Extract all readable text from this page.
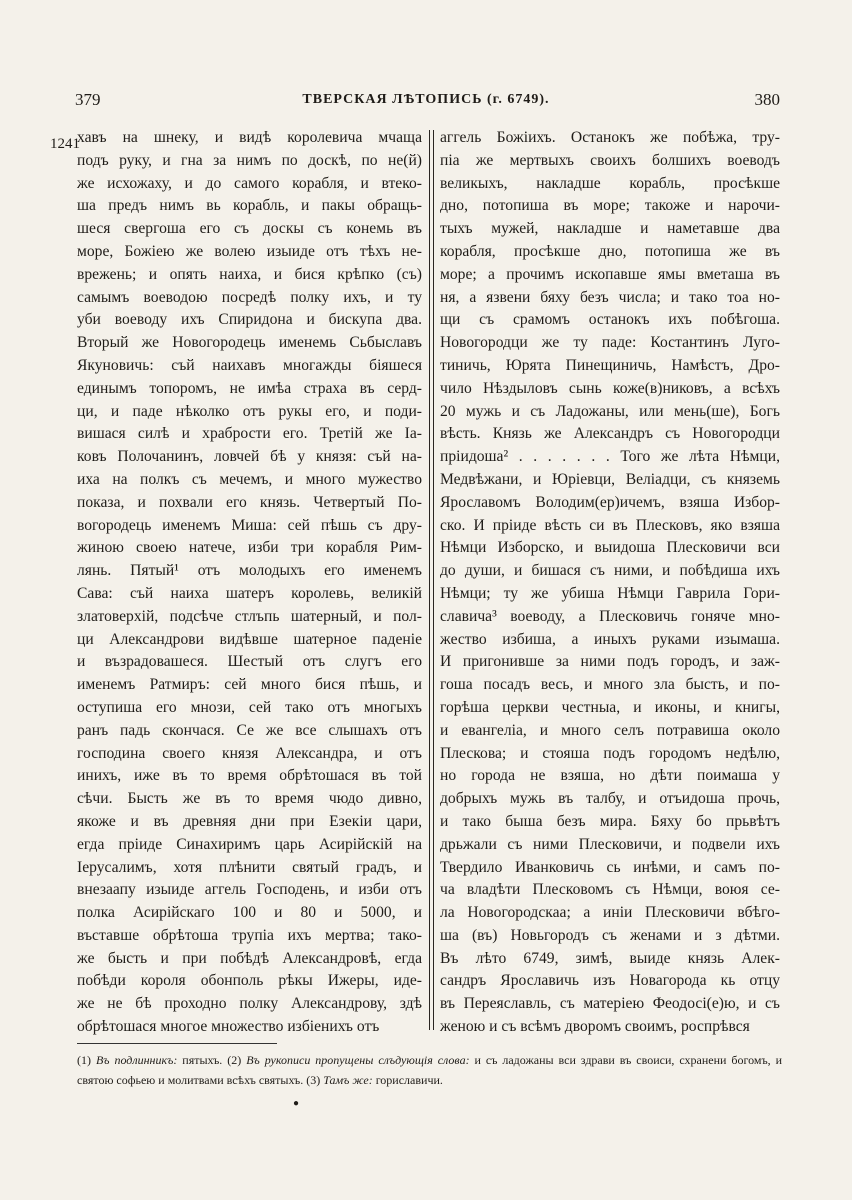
379	ТВЕРСКАЯ ЛѢТОПИСЬ (г. 6749).	380
1241
хавъ на шнеку, и видѣ королевича мчаща
подъ руку, и гна за нимъ по доскѣ, по не(й)
же исхожаху, и до самого корабля, и втеко-
ша предъ нимъ вь корабль, и пакы обращь-
шеся свергоша его съ доскы съ конемь въ
море, Божіею же волею изыиде отъ тѣхъ не-
врежень; и опять наиха, и бися крѣпко (съ)
самымъ воеводою посредѣ полку ихъ, и ту
уби воеводу ихъ Спиридона и бискупа два.
Вторый же Новогородець именемь Сьбыславъ
Якуновичь: съй наихавъ многажды біяшеся
единымъ топоромъ, не имѣа страха въ серд-
ци, и паде нѣколко отъ рукы его, и поди-
вишася силѣ и храбрости его. Третій же Іа-
ковъ Полочанинъ, ловчей бѣ у князя: съй на-
иха на полкъ съ мечемъ, и много мужество
показа, и похвали его князь. Четвертый По-
вогородець именемъ Миша: сей пѣшь съ дру-
жиною своею натече, изби три корабля Рим-
лянь. Пятый¹ отъ молодыхъ его именемъ
Сава: съй наиха шатеръ королевь, великій
златоверхій, подсѣче стлъпь шатерный, и пол-
ци Александрови видѣвше шатерное паденіе
и възрадовашеся. Шестый отъ слугъ его
именемъ Ратмиръ: сей много бися пѣшь, и
оступиша его мнози, сей тако отъ многыхъ
ранъ падь скончася. Се же все слышахъ отъ
господина своего князя Александра, и отъ
инихъ, иже въ то время обрѣтошася въ той
сѣчи. Бысть же въ то время чюдо дивно,
якоже и въ древняя дни при Езекіи цари,
егда пріиде Синахиримъ царь Асирійскій на
Іерусалимъ, хотя плѣнити святый градъ, и
внезаапу изыиде аггель Господень, и изби отъ
полка Асирійскаго 100 и 80 и 5000, и
въставше обрѣтоша трупіа ихъ мертва; тако-
же бысть и при побѣдѣ Александровѣ, егда
побѣди короля обонполь рѣкы Ижеры, иде-
же не бѣ проходно полку Александрову, здѣ
обрѣтошася многое множество избіенихъ отъ
аггель Божіихъ. Останокъ же побѣжа, тру-
піа же мертвыхъ своихъ болшихъ воеводъ
великыхъ, накладше корабль, просѣкше
дно, потопиша въ море; такоже и нарочи-
тыхъ мужей, накладше и наметавше два
корабля, просѣкше дно, потопиша же въ
море; а прочимъ ископавше ямы вметаша въ
ня, а язвени бяху безъ числа; и тако тоа но-
щи съ срамомъ останокъ ихъ побѣгоша.
Новогородци же ту паде: Костантинъ Луго-
тиничь, Юрята Пинещиничь, Намѣстъ, Дро-
чило Нѣздыловъ сынь коже(в)никовъ, а всѣхъ
20 мужь и съ Ладожаны, или мень(ше), Богь
вѣсть. Князь же Александръ съ Новогородци
пріидоша² . . . . . . . Того же лѣта Нѣмци,
Медвѣжани, и Юріевци, Веліадци, съ княземь
Ярославомъ Володим(ер)ичемъ, взяша Избор-
ско. И пріиде вѣсть си въ Плесковъ, яко взяша
Нѣмци Изборско, и выидоша Плесковичи вси
до души, и бишася съ ними, и побѣдиша ихъ
Нѣмци; ту же убиша Нѣмци Гаврила Гори-
славича³ воеводу, а Плесковичь гоняче мно-
жество избиша, а иныхъ руками изымаша.
И пригонивше за ними подъ городъ, и заж-
гоша посадъ весь, и много зла бысть, и по-
горѣша церкви честныа, и иконы, и книгы,
и евангеліа, и много селъ потравиша около
Плескова; и стояша подъ городомъ недѣлю,
но города не взяша, но дѣти поимаша у
добрыхъ мужь въ талбу, и отъидоша прочь,
и тако быша безъ мира. Бяху бо прьвѣтъ
дрьжали съ ними Плесковичи, и подвели ихъ
Твердило Иванковичь сь инѣми, и самъ по-
ча владѣти Плесковомъ съ Нѣмци, воюя се-
ла Новогородскаа; а иніи Плесковичи вбѣго-
ша (въ) Новьгородъ съ женами и з дѣтми.
Въ лѣто 6749, зимѣ, выиде князь Алек-
сандръ Ярославичь изъ Новагорода кь отцу
въ Переяславль, съ матеріею Феодосі(е)ю, и съ
женою и съ всѣмъ дворомъ своимъ, роспрѣвся
(1) Въ подлинникъ: пятыхъ. (2) Въ рукописи пропущены слъдующія слова: и съ ладожаны вси здрави въ своиси, схранени богомъ, и святою софьею и молитвами всѣхъ святыхъ. (3) Тамъ же: гориславичи.
●
